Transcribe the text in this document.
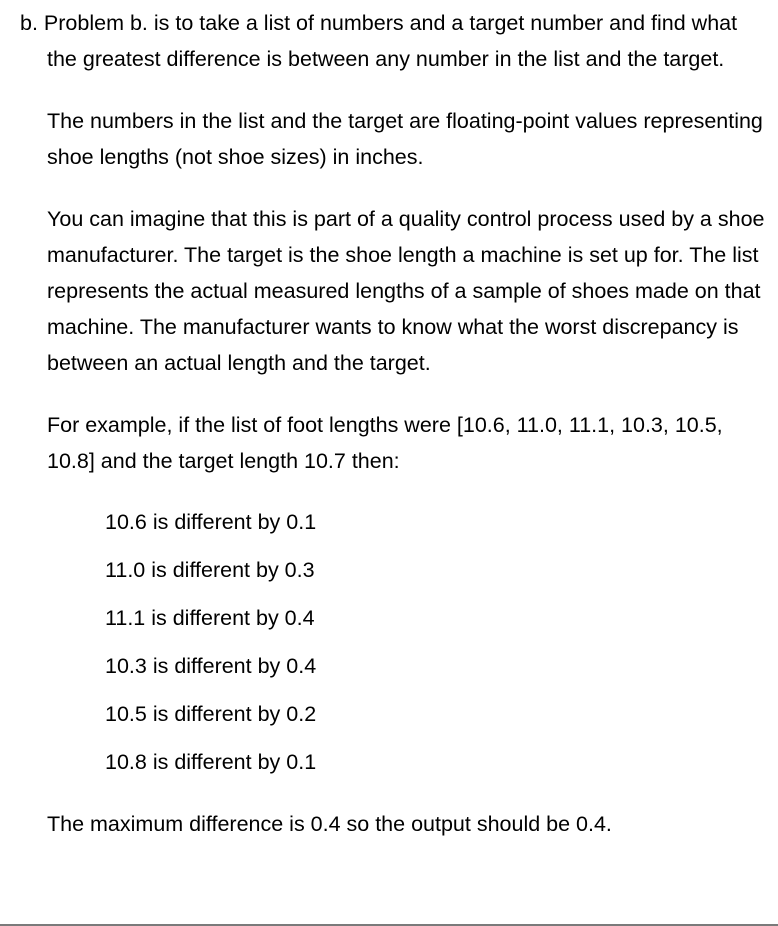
b. Problem b. is to take a list of numbers and a target number and find what the greatest difference is between any number in the list and the target.

The numbers in the list and the target are floating-point values representing shoe lengths (not shoe sizes) in inches.

You can imagine that this is part of a quality control process used by a shoe manufacturer. The target is the shoe length a machine is set up for. The list represents the actual measured lengths of a sample of shoes made on that machine. The manufacturer wants to know what the worst discrepancy is between an actual length and the target.

For example, if the list of foot lengths were [10.6, 11.0, 11.1, 10.3, 10.5, 10.8] and the target length 10.7 then:

10.6 is different by 0.1
11.0 is different by 0.3
11.1 is different by 0.4
10.3 is different by 0.4
10.5 is different by 0.2
10.8 is different by 0.1

The maximum difference is 0.4 so the output should be 0.4.
